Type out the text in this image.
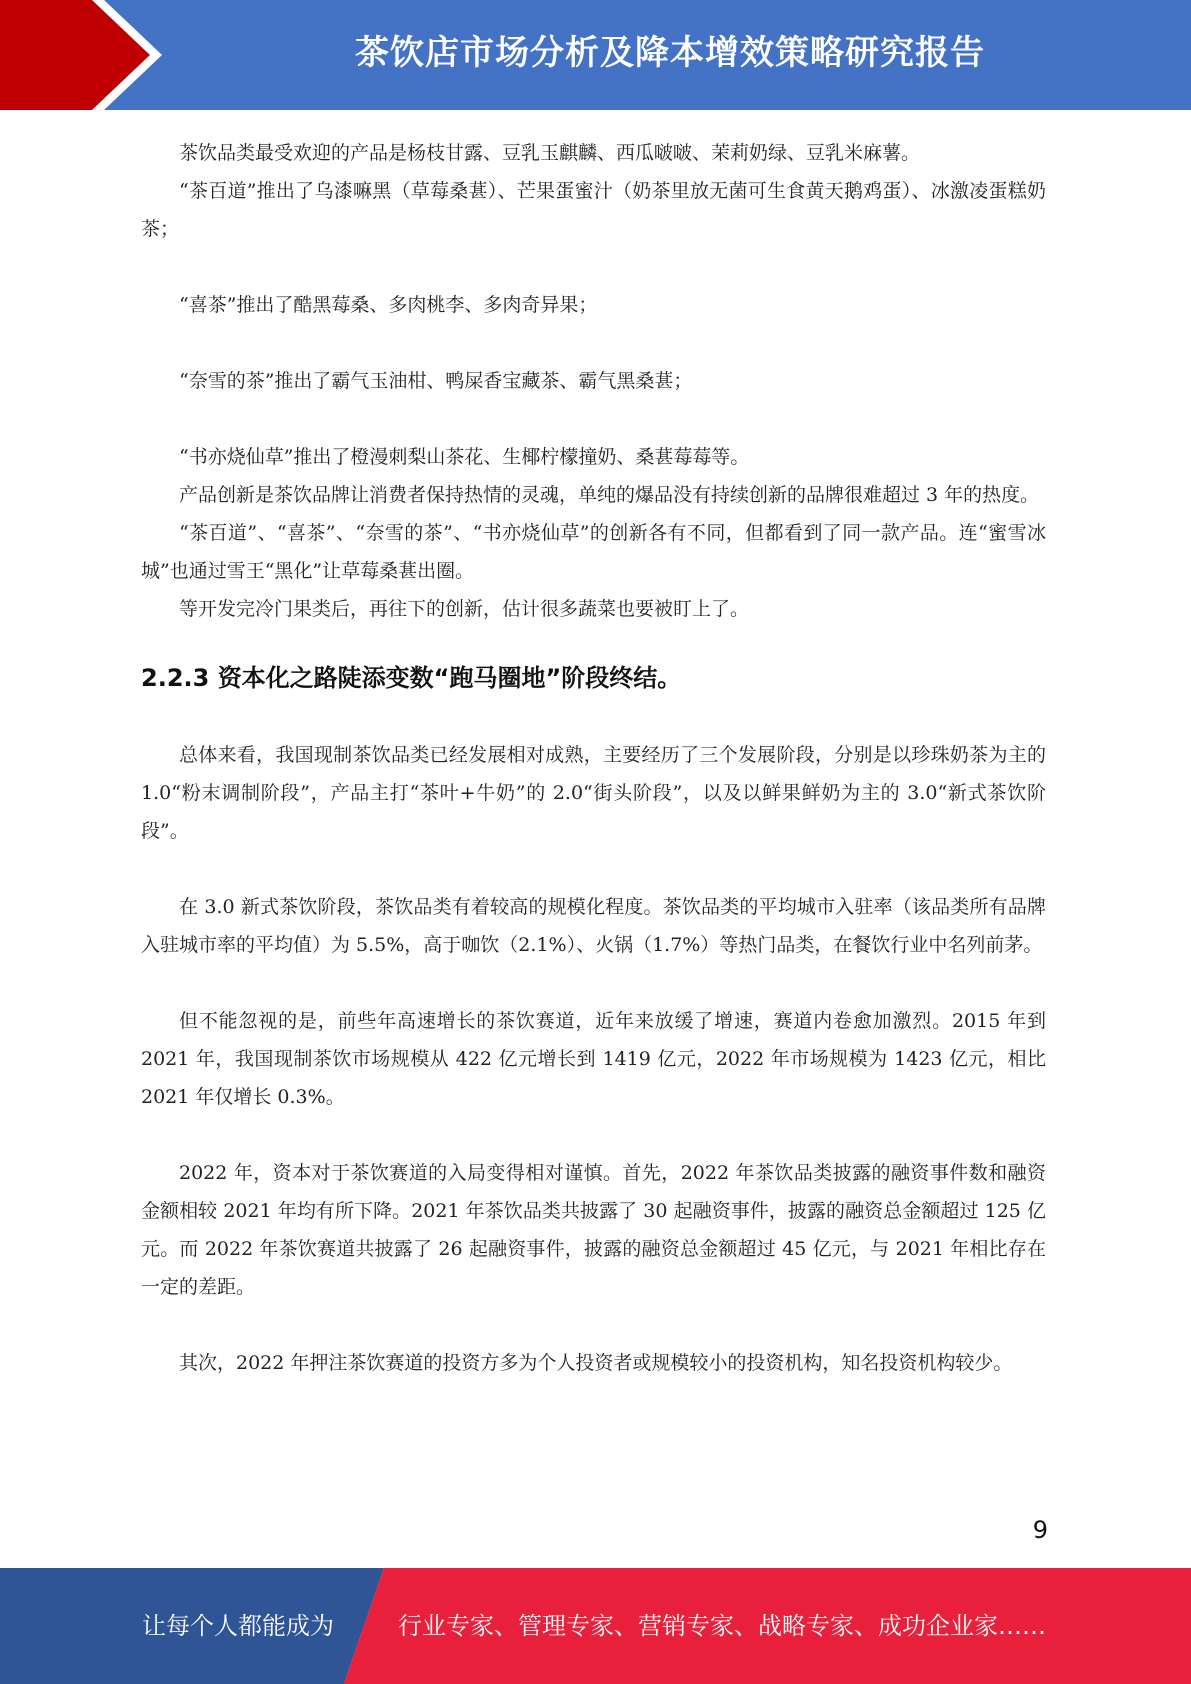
茶饮店市场分析及降本增效策略研究报告

茶饮品类最受欢迎的产品是杨枝甘露、豆乳玉麒麟、西瓜啵啵、茉莉奶绿、豆乳米麻薯。

“茶百道”推出了乌漆嘛黑（草莓桑葚）、芒果蛋蜜汁（奶茶里放无菌可生食黄天鹅鸡蛋）、冰激凌蛋糕奶茶；

“喜茶”推出了酷黑莓桑、多肉桃李、多肉奇异果；

“奈雪的茶”推出了霸气玉油柑、鸭屎香宝藏茶、霸气黑桑葚；

“书亦烧仙草”推出了橙漫刺梨山茶花、生椰柠檬撞奶、桑葚莓莓等。

产品创新是茶饮品牌让消费者保持热情的灵魂，单纯的爆品没有持续创新的品牌很难超过 3 年的热度。

“茶百道”、“喜茶”、“奈雪的茶”、“书亦烧仙草”的创新各有不同，但都看到了同一款产品。连“蜜雪冰城”也通过雪王“黑化”让草莓桑葚出圈。

等开发完冷门果类后，再往下的创新，估计很多蔬菜也要被盯上了。

2.2.3 资本化之路陡添变数“跑马圈地”阶段终结。

总体来看，我国现制茶饮品类已经发展相对成熟，主要经历了三个发展阶段，分别是以珍珠奶茶为主的 1.0“粉末调制阶段”，产品主打“茶叶+牛奶”的 2.0“街头阶段”，以及以鲜果鲜奶为主的 3.0“新式茶饮阶段”。

在 3.0 新式茶饮阶段，茶饮品类有着较高的规模化程度。茶饮品类的平均城市入驻率（该品类所有品牌入驻城市率的平均值）为 5.5%，高于咖饮（2.1%）、火锅（1.7%）等热门品类，在餐饮行业中名列前茅。

但不能忽视的是，前些年高速增长的茶饮赛道，近年来放缓了增速，赛道内卷愈加激烈。2015 年到 2021 年，我国现制茶饮市场规模从 422 亿元增长到 1419 亿元，2022 年市场规模为 1423 亿元，相比 2021 年仅增长 0.3%。

2022 年，资本对于茶饮赛道的入局变得相对谨慎。首先，2022 年茶饮品类披露的融资事件数和融资金额相较 2021 年均有所下降。2021 年茶饮品类共披露了 30 起融资事件，披露的融资总金额超过 125 亿元。而 2022 年茶饮赛道共披露了 26 起融资事件，披露的融资总金额超过 45 亿元，与 2021 年相比存在一定的差距。

其次，2022 年押注茶饮赛道的投资方多为个人投资者或规模较小的投资机构，知名投资机构较少。

9
让每个人都能成为	行业专家、管理专家、营销专家、战略专家、成功企业家……
